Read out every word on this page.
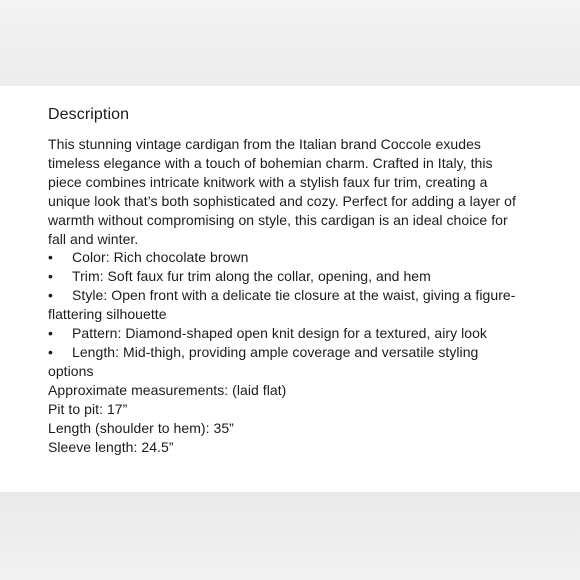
Description

This stunning vintage cardigan from the Italian brand Coccole exudes timeless elegance with a touch of bohemian charm. Crafted in Italy, this piece combines intricate knitwork with a stylish faux fur trim, creating a unique look that’s both sophisticated and cozy. Perfect for adding a layer of warmth without compromising on style, this cardigan is an ideal choice for fall and winter.

• Color: Rich chocolate brown
• Trim: Soft faux fur trim along the collar, opening, and hem
• Style: Open front with a delicate tie closure at the waist, giving a figure-flattering silhouette
• Pattern: Diamond-shaped open knit design for a textured, airy look
• Length: Mid-thigh, providing ample coverage and versatile styling options

Approximate measurements: (laid flat)

Pit to pit: 17”

Length (shoulder to hem): 35”

Sleeve length: 24.5”
